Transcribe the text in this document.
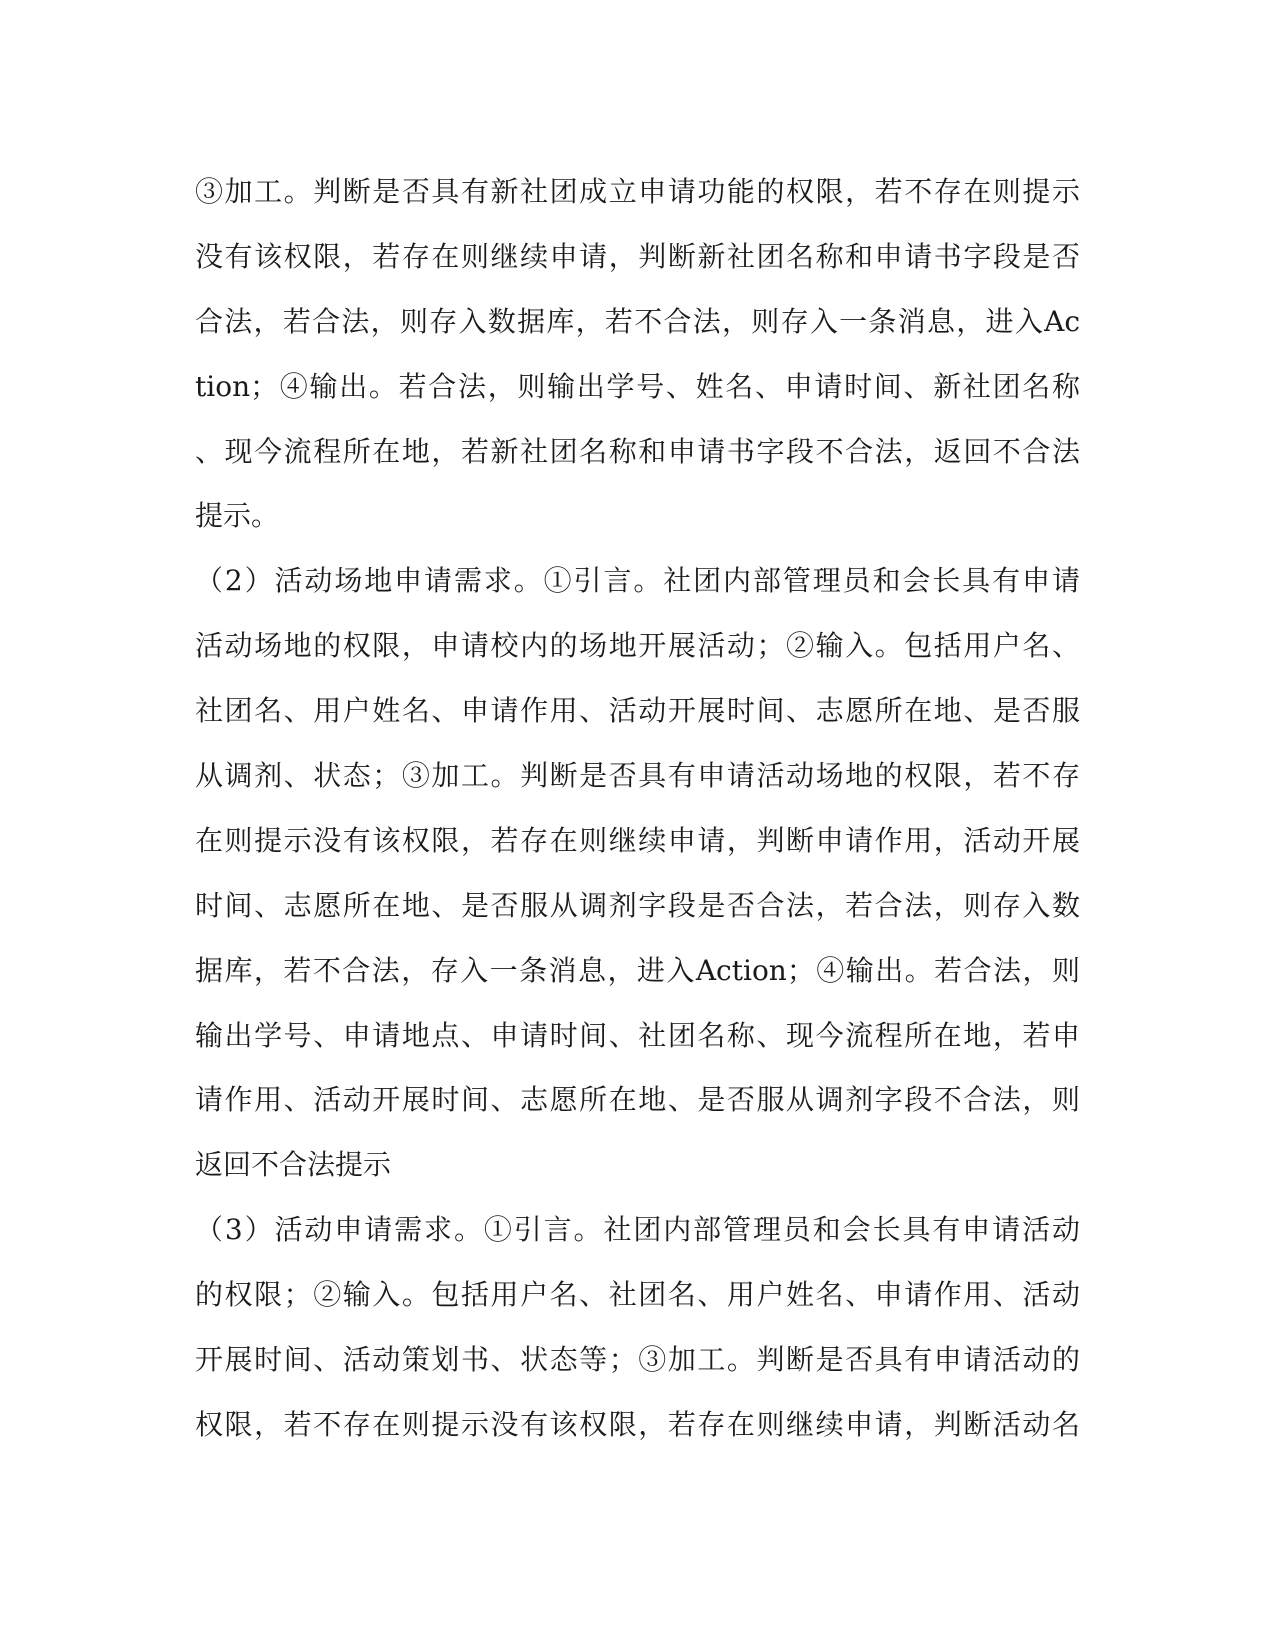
③加工。判断是否具有新社团成立申请功能的权限，若不存在则提示
没有该权限，若存在则继续申请，判断新社团名称和申请书字段是否
合法，若合法，则存入数据库，若不合法，则存入一条消息，进入Ac
tion；④输出。若合法，则输出学号、姓名、申请时间、新社团名称
、现今流程所在地，若新社团名称和申请书字段不合法，返回不合法
提示。
（2）活动场地申请需求。①引言。社团内部管理员和会长具有申请
活动场地的权限，申请校内的场地开展活动；②输入。包括用户名、
社团名、用户姓名、申请作用、活动开展时间、志愿所在地、是否服
从调剂、状态；③加工。判断是否具有申请活动场地的权限，若不存
在则提示没有该权限，若存在则继续申请，判断申请作用，活动开展
时间、志愿所在地、是否服从调剂字段是否合法，若合法，则存入数
据库，若不合法，存入一条消息，进入Action；④输出。若合法，则
输出学号、申请地点、申请时间、社团名称、现今流程所在地，若申
请作用、活动开展时间、志愿所在地、是否服从调剂字段不合法，则
返回不合法提示
（3）活动申请需求。①引言。社团内部管理员和会长具有申请活动
的权限；②输入。包括用户名、社团名、用户姓名、申请作用、活动
开展时间、活动策划书、状态等；③加工。判断是否具有申请活动的
权限，若不存在则提示没有该权限，若存在则继续申请，判断活动名
